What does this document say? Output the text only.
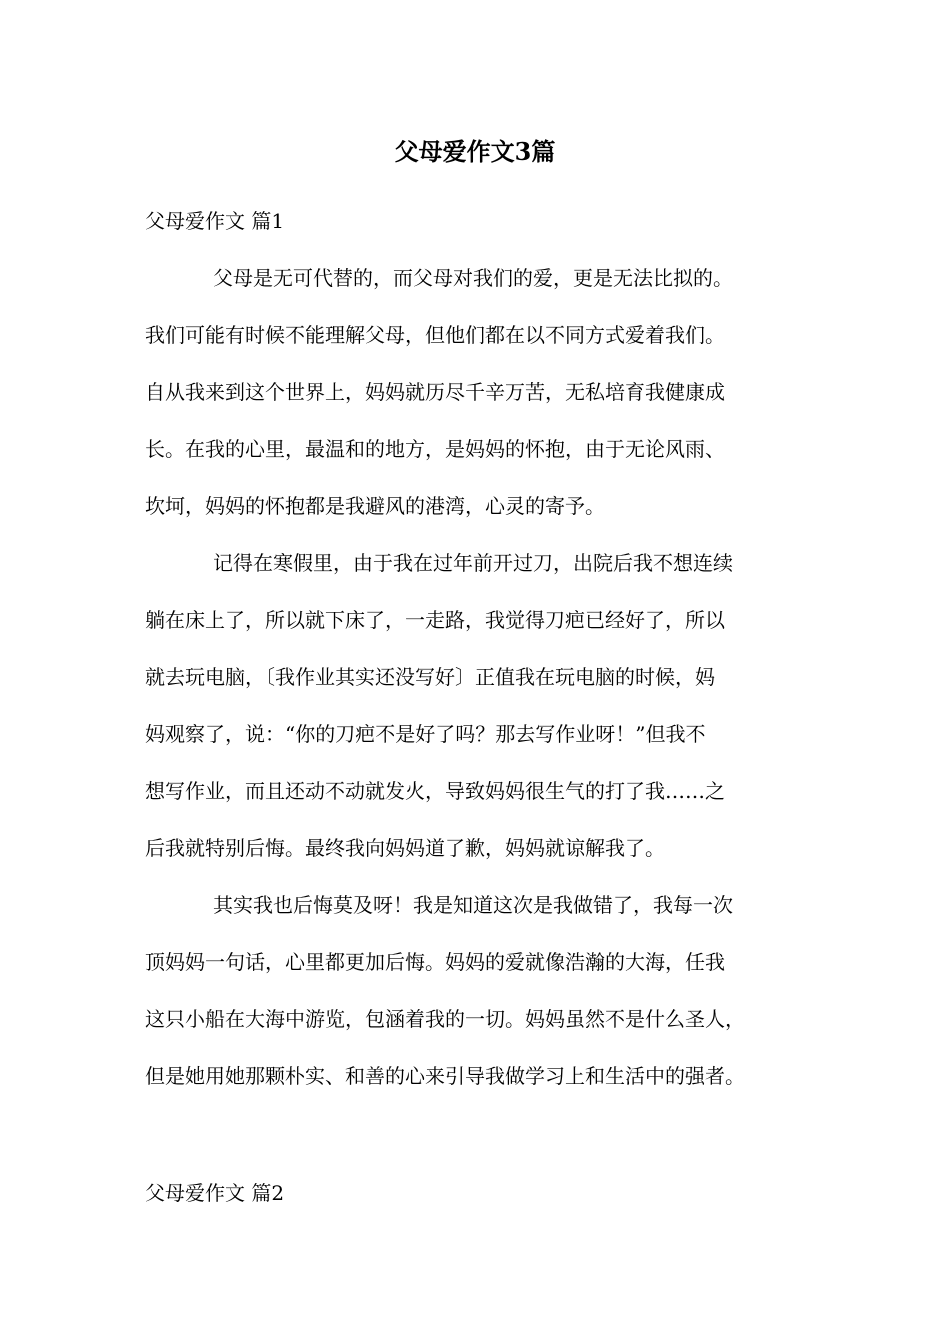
父母爱作文3篇

父母爱作文 篇1

父母是无可代替的，而父母对我们的爱，更是无法比拟的。

我们可能有时候不能理解父母，但他们都在以不同方式爱着我们。

自从我来到这个世界上，妈妈就历尽千辛万苦，无私培育我健康成

长。在我的心里，最温和的地方，是妈妈的怀抱，由于无论风雨、

坎坷，妈妈的怀抱都是我避风的港湾，心灵的寄予。

记得在寒假里，由于我在过年前开过刀，出院后我不想连续

躺在床上了，所以就下床了，一走路，我觉得刀疤已经好了，所以

就去玩电脑，〔我作业其实还没写好〕正值我在玩电脑的时候，妈

妈观察了，说：“你的刀疤不是好了吗？那去写作业呀！”但我不

想写作业，而且还动不动就发火，导致妈妈很生气的打了我……之

后我就特别后悔。最终我向妈妈道了歉，妈妈就谅解我了。

其实我也后悔莫及呀！我是知道这次是我做错了，我每一次

顶妈妈一句话，心里都更加后悔。妈妈的爱就像浩瀚的大海，任我

这只小船在大海中游览，包涵着我的一切。妈妈虽然不是什么圣人，

但是她用她那颗朴实、和善的心来引导我做学习上和生活中的强者。

父母爱作文 篇2
